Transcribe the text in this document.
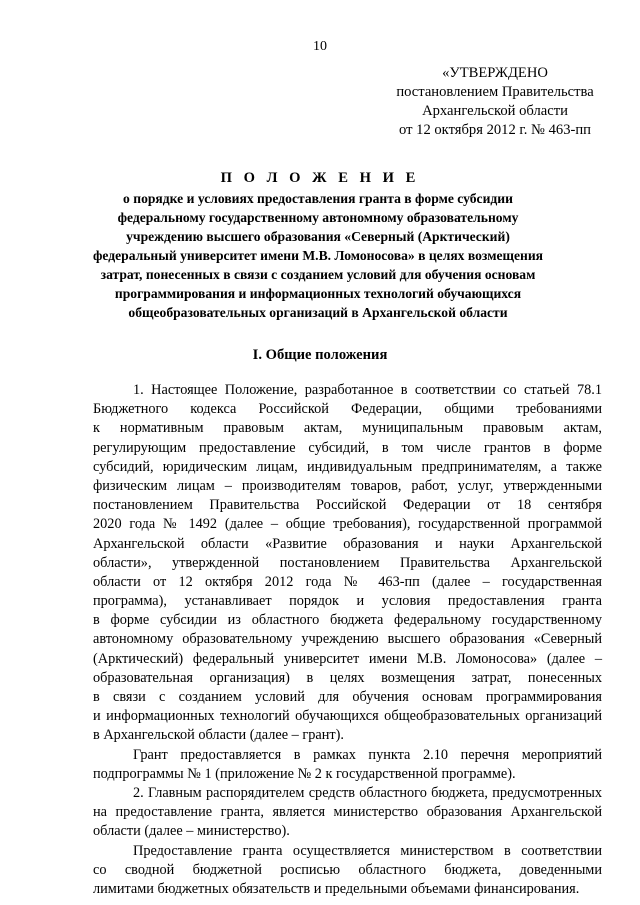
10
«УТВЕРЖДЕНО
постановлением Правительства
Архангельской области
от 12 октября 2012 г. № 463-пп
П О Л О Ж Е Н И Е
о порядке и условиях предоставления гранта в форме субсидии
федеральному государственному автономному образовательному
учреждению высшего образования «Северный (Арктический)
федеральный университет имени М.В. Ломоносова» в целях возмещения
затрат, понесенных в связи с созданием условий для обучения основам
программирования и информационных технологий обучающихся
общеобразовательных организаций в Архангельской области
I. Общие положения
1. Настоящее Положение, разработанное в соответствии со статьей 78.1
Бюджетного кодекса Российской Федерации, общими требованиями
к нормативным правовым актам, муниципальным правовым актам,
регулирующим предоставление субсидий, в том числе грантов в форме
субсидий, юридическим лицам, индивидуальным предпринимателям, а также
физическим лицам – производителям товаров, работ, услуг, утвержденными
постановлением Правительства Российской Федерации от 18 сентября
2020 года № 1492 (далее – общие требования), государственной программой
Архангельской области «Развитие образования и науки Архангельской
области», утвержденной постановлением Правительства Архангельской
области от 12 октября 2012 года № 463-пп (далее – государственная
программа), устанавливает порядок и условия предоставления гранта
в форме субсидии из областного бюджета федеральному государственному
автономному образовательному учреждению высшего образования «Северный
(Арктический) федеральный университет имени М.В. Ломоносова» (далее –
образовательная организация) в целях возмещения затрат, понесенных
в связи с созданием условий для обучения основам программирования
и информационных технологий обучающихся общеобразовательных организаций
в Архангельской области (далее – грант).
Грант предоставляется в рамках пункта 2.10 перечня мероприятий
подпрограммы № 1 (приложение № 2 к государственной программе).
2. Главным распорядителем средств областного бюджета, предусмотренных
на предоставление гранта, является министерство образования Архангельской
области (далее – министерство).
Предоставление гранта осуществляется министерством в соответствии
со сводной бюджетной росписью областного бюджета, доведенными
лимитами бюджетных обязательств и предельными объемами финансирования.
